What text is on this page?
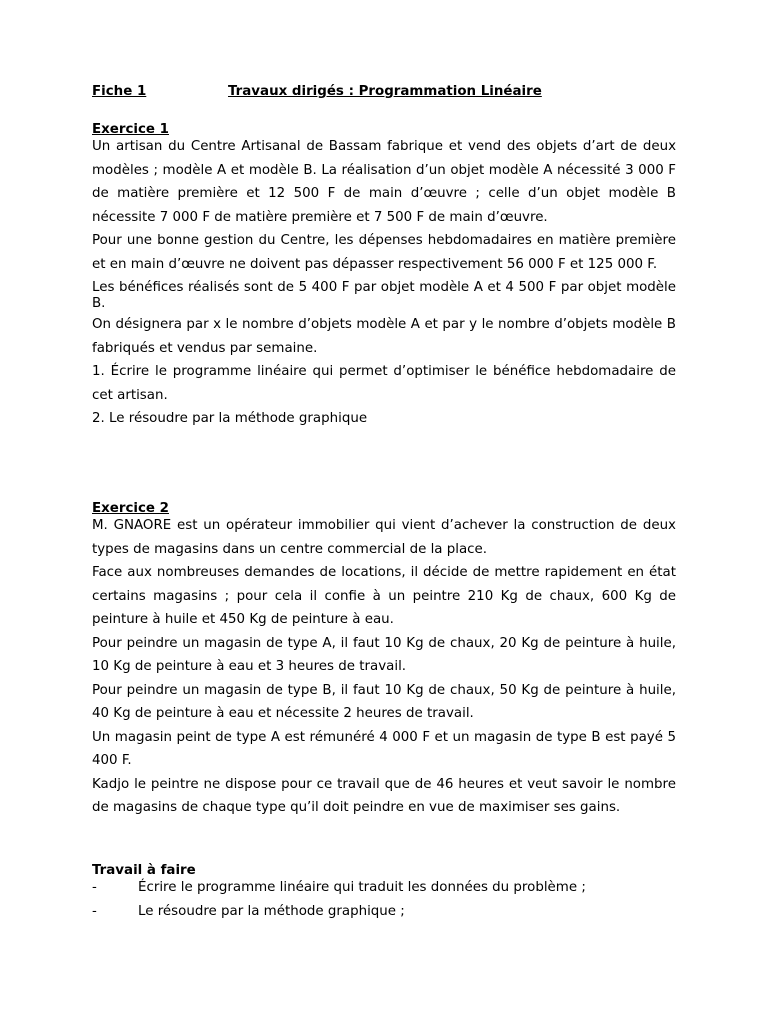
Fiche 1	Travaux dirigés : Programmation Linéaire
Exercice 1

Un artisan du Centre Artisanal de Bassam fabrique et vend des objets d’art de deux modèles ; modèle A et modèle B. La réalisation d’un objet modèle A nécessité 3 000 F de matière première et 12 500 F de main d’œuvre ; celle d’un objet modèle B nécessite 7 000 F de matière première et 7 500 F de main d’œuvre.

Pour une bonne gestion du Centre, les dépenses hebdomadaires en matière première et en main d’œuvre ne doivent pas dépasser respectivement 56 000 F et 125 000 F.

Les bénéfices réalisés sont de 5 400 F par objet modèle A et 4 500 F par objet modèle B.

On désignera par x le nombre d’objets modèle A et par y le nombre d’objets modèle B fabriqués et vendus par semaine.

1. Écrire le programme linéaire qui permet d’optimiser le bénéfice hebdomadaire de cet artisan.

2. Le résoudre par la méthode graphique

Exercice 2

M. GNAORE est un opérateur immobilier qui vient d’achever la construction de deux types de magasins dans un centre commercial de la place.

Face aux nombreuses demandes de locations, il décide de mettre rapidement en état certains magasins ; pour cela il confie à un peintre 210 Kg de chaux, 600 Kg de peinture à huile et 450 Kg de peinture à eau.

Pour peindre un magasin de type A, il faut 10 Kg de chaux, 20 Kg de peinture à huile, 10 Kg de peinture à eau et 3 heures de travail.

Pour peindre un magasin de type B, il faut 10 Kg de chaux, 50 Kg de peinture à huile, 40 Kg de peinture à eau et nécessite 2 heures de travail.

Un magasin peint de type A est rémunéré 4 000 F et un magasin de type B est payé 5 400 F.

Kadjo le peintre ne dispose pour ce travail que de 46 heures et veut savoir le nombre de magasins de chaque type qu’il doit peindre en vue de maximiser ses gains.

Travail à faire
-	Écrire le programme linéaire qui traduit les données du problème ;
-	Le résoudre par la méthode graphique ;
